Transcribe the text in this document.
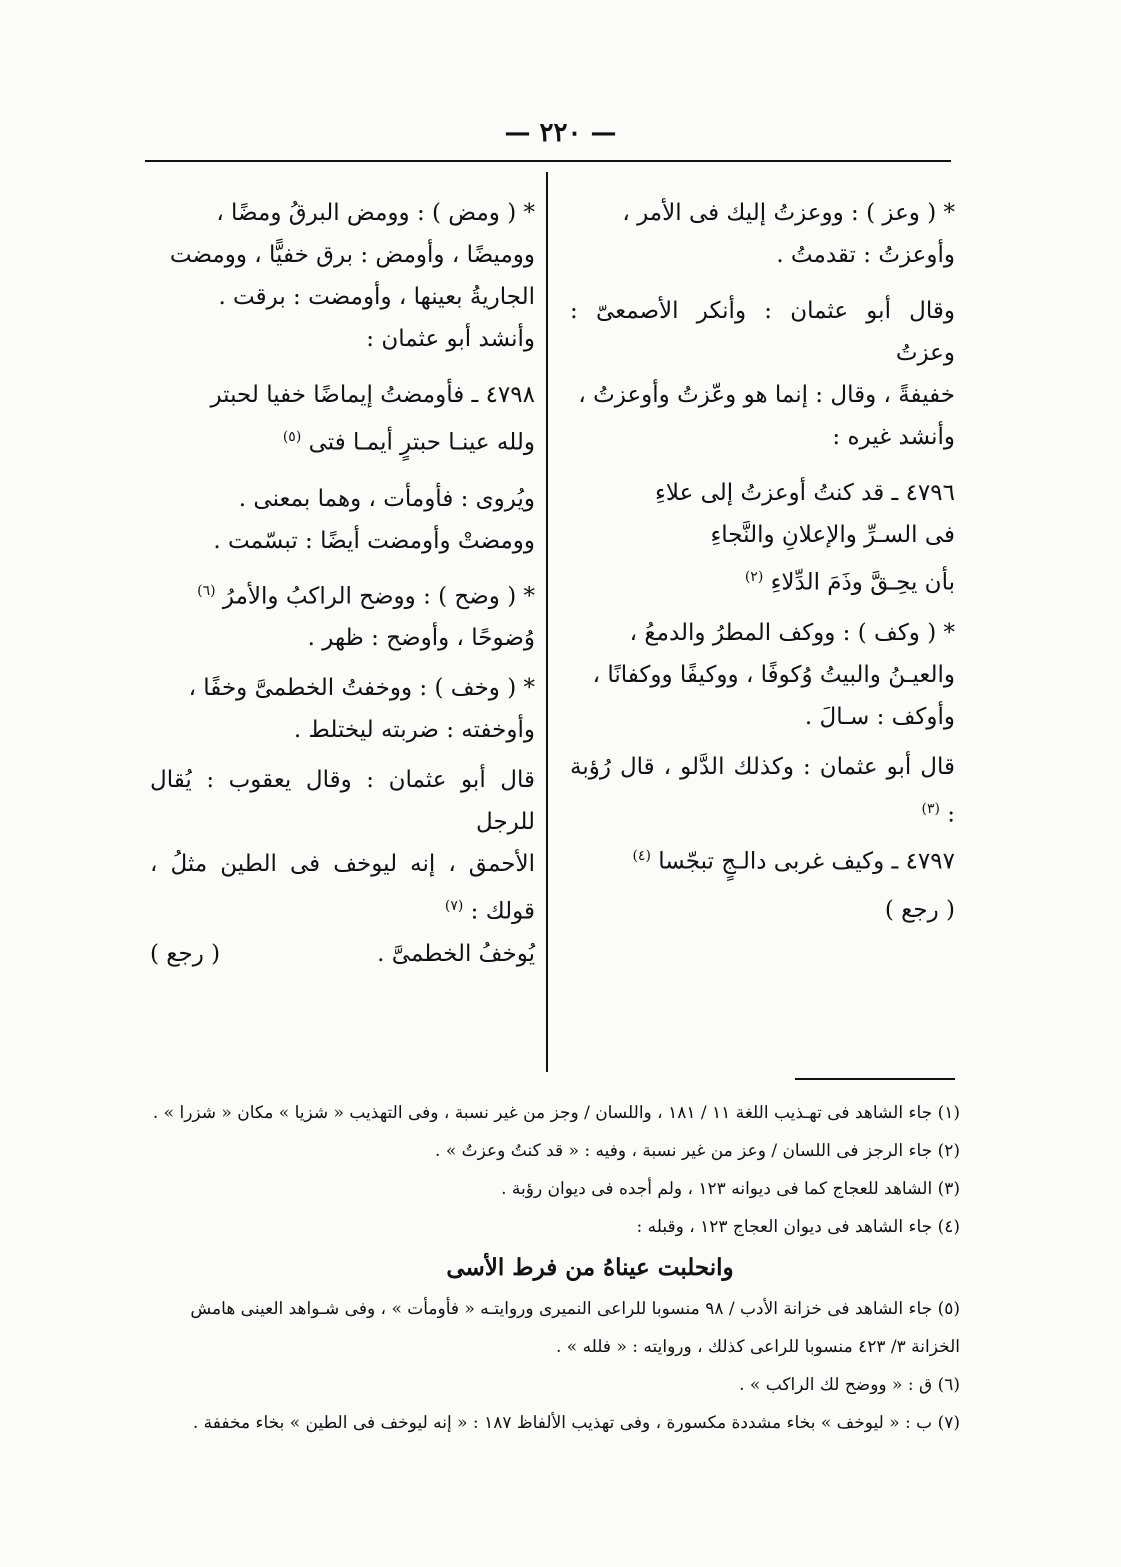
— ٢٢٠ —

* ( وعز ) : ووعزتُ إليك فى الأمر ،

وأوعزتُ : تقدمتُ .

وقال أبو عثمان : وأنكر الأصمعىّ : وعزتُ

خفيفةً ، وقال : إنما هو وعّزتُ وأوعزتُ ،

وأنشد غيره :

٤٧٩٦ ـ قد كنتُ أوعزتُ إلى علاءِ

فى السـرِّ والإعلانِ والنَّجاءِ

بأن يحِـقَّ وذَمَ الدِّلاءِ $^{(٢)}$

* ( وكف ) : ووكف المطرُ والدمعُ ،

والعيـنُ والبيتُ وُكوفًا ، ووكيفًا ووكفانًا ،

وأوكف : سـالَ .

قال أبو عثمان : وكذلك الدَّلو ، قال رُؤبة : $^{(٣)}$

٤٧٩٧ ـ وكيف غربى دالـجٍ تبجّسا $^{(٤)}$

( رجع )

* ( ومض ) : وومض البرقُ ومضًا ،

ووميضًا ، وأومض : برق خفيًّا ، وومضت

الجاريةُ بعينها ، وأومضت : برقت .

وأنشد أبو عثمان :

٤٧٩٨ ـ فأومضتُ إيماضًا خفيا لحبتر

ولله عينـا حبترٍ أيمـا فتى $^{(٥)}$

ويُروى : فأومأت ، وهما بمعنى .

وومضتْ وأومضت أيضًا : تبسّمت .

* ( وضح ) : ووضح الراكبُ والأمرُ $^{(٦)}$

وُضوحًا ، وأوضح : ظهر .

* ( وخف ) : ووخفتُ الخطمىَّ وخفًا ،

وأوخفته : ضربته ليختلط .

قال أبو عثمان : وقال يعقوب : يُقال للرجل

الأحمق ، إنه ليوخف فى الطين مثلُ ، قولك : $^{(٧)}$

يُوخفُ الخطمىَّ .
( رجع )

(١) جاء الشاهد فى تهـذيب اللغة ١١ / ١٨١ ، واللسان / وجز من غير نسبة ، وفى التهذيب « شزيا » مكان « شزرا » .

(٢) جاء الرجز فى اللسان / وعز من غير نسبة ، وفيه : « قد كنتُ وعزتُ » .

(٣) الشاهد للعجاج كما فى ديوانه ١٢٣ ، ولم أجده فى ديوان رؤبة .

(٤) جاء الشاهد فى ديوان العجاج ١٢٣ ، وقبله :

وانحلبت عيناهُ من فرط الأسى

(٥) جاء الشاهد فى خزانة الأدب / ٩٨ منسوبا للراعى النميرى وروايتـه « فأومأت » ، وفى شـواهد العينى هامش

الخزانة ٣/ ٤٢٣ منسوبا للراعى كذلك ، وروايته : « فلله » .

(٦) ق : « ووضح لك الراكب » .

(٧) ب : « ليوخف » بخاء مشددة مكسورة ، وفى تهذيب الألفاظ ١٨٧ : « إنه ليوخف فى الطين » بخاء مخففة .
